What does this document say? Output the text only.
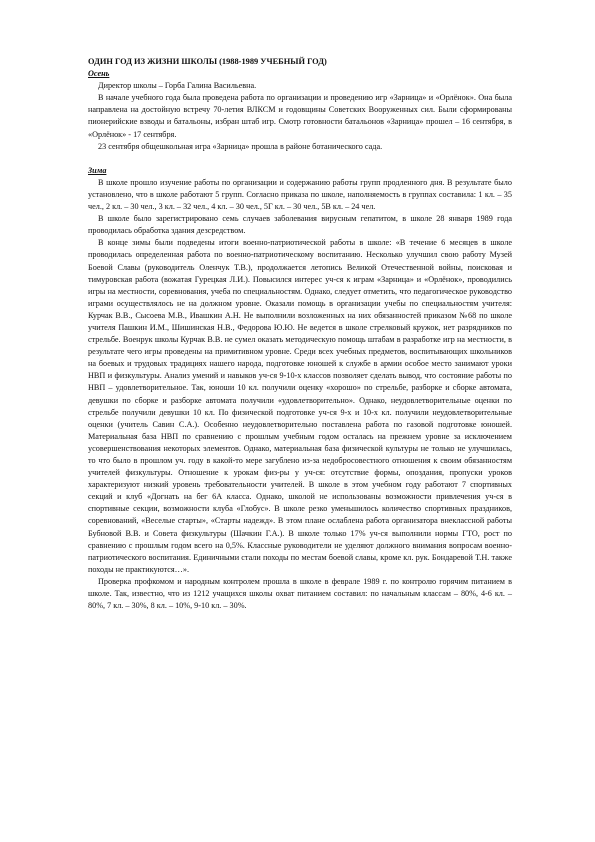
ОДИН ГОД ИЗ ЖИЗНИ ШКОЛЫ (1988-1989 УЧЕБНЫЙ ГОД)

Осень

Директор школы – Горба Галина Васильевна.

В начале учебного года была проведена работа по организации и проведению игр «Зарница» и «Орлёнок». Она была направлена на достойную встречу 70-летия ВЛКСМ и годовщины Советских Вооруженных сил. Были сформированы пионерийские взводы и батальоны, избран штаб игр. Смотр готовности батальонов «Зарница» прошел – 16 сентября, в «Орлёнок» - 17 сентября.

23 сентября общешкольная игра «Зарница» прошла в районе ботанического сада.

Зима

В школе прошло изучение работы по организации и содержанию работы групп продленного дня. В результате было установлено, что в школе работают 5 групп. Согласно приказа по школе, наполняемость в группах составила: 1 кл. – 35 чел., 2 кл. – 30 чел., 3 кл. – 32 чел., 4 кл. – 30 чел., 5Г кл. – 30 чел., 5В кл. – 24 чел.

В школе было зарегистрировано семь случаев заболевания вирусным гепатитом, в школе 28 января 1989 года проводилась обработка здания дезсредством.

В конце зимы были подведены итоги военно-патриотической работы в школе: «В течение 6 месяцев в школе проводилась определенная работа по военно-патриотическому воспитанию. Несколько улучшил свою работу Музей Боевой Славы (руководитель Оленчук Т.В.), продолжается летопись Великой Отечественной войны, поисковая и тимуровская работа (вожатая Гурецкая Л.И.). Повысился интерес уч-ся к играм «Зарница» и «Орлёнок», проводились игры на местности, соревнования, учеба по специальностям. Однако, следует отметить, что педагогическое руководство играми осуществлялось не на должном уровне. Оказали помощь в организации учебы по специальностям учителя: Курчак В.В., Сысоева М.В., Ивашкин А.Н. Не выполнили возложенных на них обязанностей приказом №68 по школе учителя Пашкин И.М., Шишинская Н.В., Федорова Ю.Ю. Не ведется в школе стрелковый кружок, нет разрядников по стрельбе. Военрук школы Курчак В.В. не сумел оказать методическую помощь штабам в разработке игр на местности, в результате чего игры проведены на примитивном уровне. Среди всех учебных предметов, воспитывающих школьников на боевых и трудовых традициях нашего народа, подготовке юношей к службе в армии особое место занимают уроки НВП и физкультуры. Анализ умений и навыков уч-ся 9-10-х классов позволяет сделать вывод, что состояние работы по НВП – удовлетворительное. Так, юноши 10 кл. получили оценку «хорошо» по стрельбе, разборке и сборке автомата, девушки по сборке и разборке автомата получили «удовлетворительно». Однако, неудовлетворительные оценки по стрельбе получили девушки 10 кл. По физической подготовке уч-ся 9-х и 10-х кл. получили неудовлетворительные оценки (учитель Савин С.А.). Особенно неудовлетворительно поставлена работа по газовой подготовке юношей. Материальная база НВП по сравнению с прошлым учебным годом осталась на прежнем уровне за исключением усовершенствования некоторых элементов. Однако, материальная база физической культуры не только не улучшилась, то что было в прошлом уч. году в какой-то мере загублено из-за недобросовестного отношения к своим обязанностям учителей физкультуры. Отношение к урокам физ-ры у уч-ся: отсутствие формы, опоздания, пропуски уроков характеризуют низкий уровень требовательности учителей. В школе в этом учебном году работают 7 спортивных секций и клуб «Догнать на бег 6А класса. Однако, школой не использованы возможности привлечения уч-ся в спортивные секции, возможности клуба «Глобус». В школе резко уменьшилось количество спортивных праздников, соревнований, «Веселые старты», «Старты надежд». В этом плане ослаблена работа организатора внеклассной работы Бубновой В.В. и Совета физкультуры (Шачкин Г.А.). В школе только 17% уч-ся выполнили нормы ГТО, рост по сравнению с прошлым годом всего на 0,5%. Классные руководители не уделяют должного внимания вопросам военно-патриотического воспитания. Единичными стали походы по местам боевой славы, кроме кл. рук. Бондаревой Т.Н. также походы не практикуются…».

Проверка профкомом и народным контролем прошла в школе в феврале 1989 г. по контролю горячим питанием в школе. Так, известно, что из 1212 учащихся школы охват питанием составил: по начальным классам – 80%, 4-6 кл. – 80%, 7 кл. – 30%, 8 кл. – 10%, 9-10 кл. – 30%.
